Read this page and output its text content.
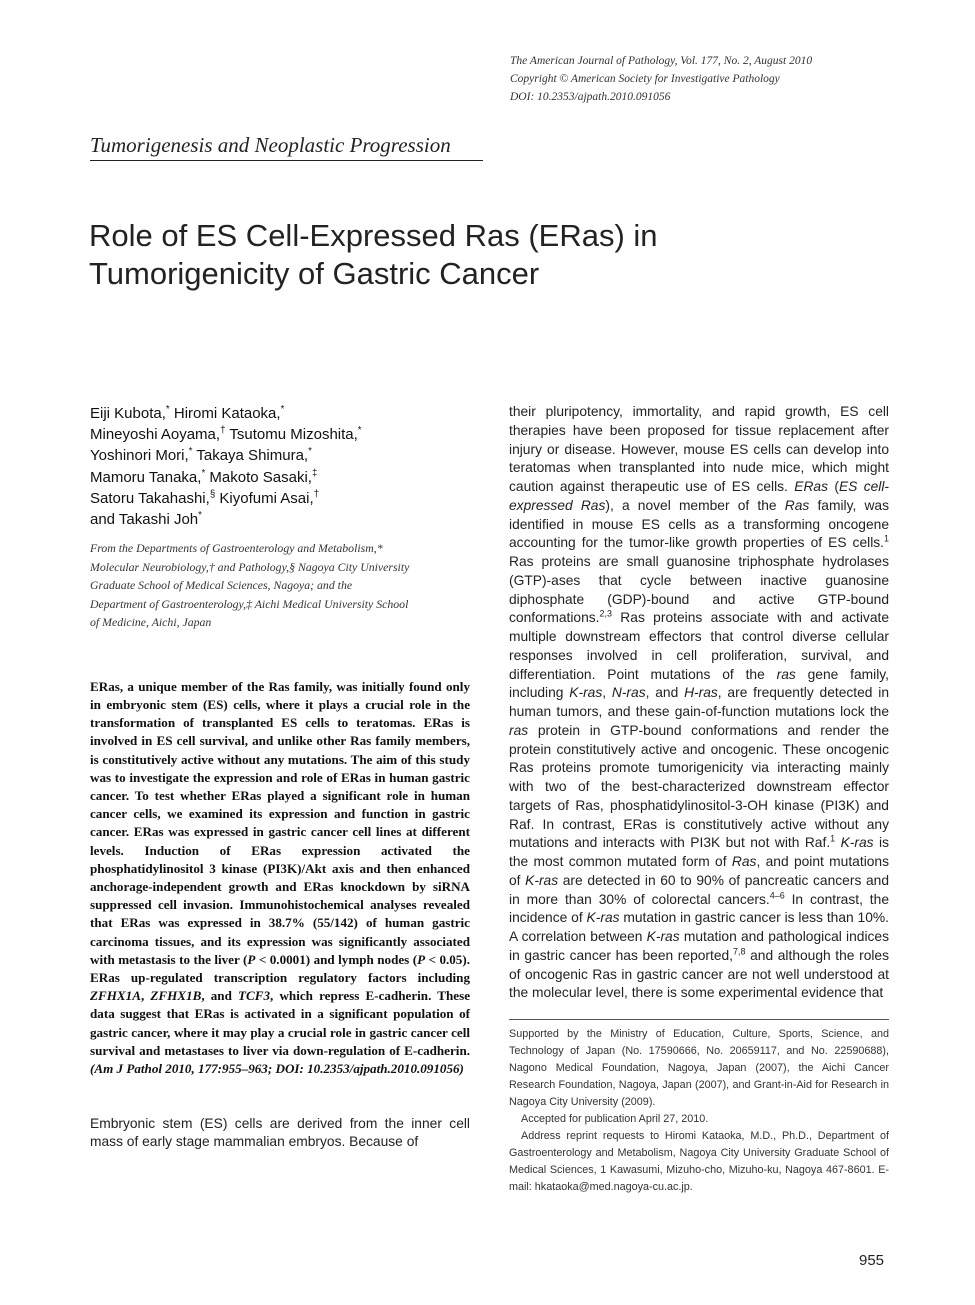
The American Journal of Pathology, Vol. 177, No. 2, August 2010
Copyright © American Society for Investigative Pathology
DOI: 10.2353/ajpath.2010.091056
Tumorigenesis and Neoplastic Progression
Role of ES Cell-Expressed Ras (ERas) in
Tumorigenicity of Gastric Cancer
Eiji Kubota,* Hiromi Kataoka,*
Mineyoshi Aoyama,† Tsutomu Mizoshita,*
Yoshinori Mori,* Takaya Shimura,*
Mamoru Tanaka,* Makoto Sasaki,‡
Satoru Takahashi,§ Kiyofumi Asai,†
and Takashi Joh*
From the Departments of Gastroenterology and Metabolism,*
Molecular Neurobiology,† and Pathology,§ Nagoya City University
Graduate School of Medical Sciences, Nagoya; and the
Department of Gastroenterology,‡ Aichi Medical University School
of Medicine, Aichi, Japan
ERas, a unique member of the Ras family, was initially found only in embryonic stem (ES) cells, where it plays a crucial role in the transformation of transplanted ES cells to teratomas. ERas is involved in ES cell survival, and unlike other Ras family members, is constitutively active without any mutations. The aim of this study was to investigate the expression and role of ERas in human gastric cancer. To test whether ERas played a significant role in human cancer cells, we examined its expression and function in gastric cancer. ERas was expressed in gastric cancer cell lines at different levels. Induction of ERas expression activated the phosphatidylinositol 3 kinase (PI3K)/Akt axis and then enhanced anchorage-independent growth and ERas knockdown by siRNA suppressed cell invasion. Immunohistochemical analyses revealed that ERas was expressed in 38.7% (55/142) of human gastric carcinoma tissues, and its expression was significantly associated with metastasis to the liver (P < 0.0001) and lymph nodes (P < 0.05). ERas up-regulated transcription regulatory factors including ZFHX1A, ZFHX1B, and TCF3, which repress E-cadherin. These data suggest that ERas is activated in a significant population of gastric cancer, where it may play a crucial role in gastric cancer cell survival and metastases to liver via down-regulation of E-cadherin. (Am J Pathol 2010, 177:955–963; DOI: 10.2353/ajpath.2010.091056)

Embryonic stem (ES) cells are derived from the inner cell mass of early stage mammalian embryos. Because of

their pluripotency, immortality, and rapid growth, ES cell therapies have been proposed for tissue replacement after injury or disease. However, mouse ES cells can develop into teratomas when transplanted into nude mice, which might caution against therapeutic use of ES cells. ERas (ES cell-expressed Ras), a novel member of the Ras family, was identified in mouse ES cells as a transforming oncogene accounting for the tumor-like growth properties of ES cells.$^1$ Ras proteins are small guanosine triphosphate hydrolases (GTP)-ases that cycle between inactive guanosine diphosphate (GDP)-bound and active GTP-bound conformations.$^{2,3}$ Ras proteins associate with and activate multiple downstream effectors that control diverse cellular responses involved in cell proliferation, survival, and differentiation. Point mutations of the ras gene family, including K-ras, N-ras, and H-ras, are frequently detected in human tumors, and these gain-of-function mutations lock the ras protein in GTP-bound conformations and render the protein constitutively active and oncogenic. These oncogenic Ras proteins promote tumorigenicity via interacting mainly with two of the best-characterized downstream effector targets of Ras, phosphatidylinositol-3-OH kinase (PI3K) and Raf. In contrast, ERas is constitutively active without any mutations and interacts with PI3K but not with Raf.$^1$ K-ras is the most common mutated form of Ras, and point mutations of K-ras are detected in 60 to 90% of pancreatic cancers and in more than 30% of colorectal cancers.$^{4-6}$ In contrast, the incidence of K-ras mutation in gastric cancer is less than 10%. A correlation between K-ras mutation and pathological indices in gastric cancer has been reported,$^{7,8}$ and although the roles of oncogenic Ras in gastric cancer are not well understood at the molecular level, there is some experimental evidence that

Supported by the Ministry of Education, Culture, Sports, Science, and Technology of Japan (No. 17590666, No. 20659117, and No. 22590688), Nagono Medical Foundation, Nagoya, Japan (2007), the Aichi Cancer Research Foundation, Nagoya, Japan (2007), and Grant-in-Aid for Research in Nagoya City University (2009).

Accepted for publication April 27, 2010.

Address reprint requests to Hiromi Kataoka, M.D., Ph.D., Department of Gastroenterology and Metabolism, Nagoya City University Graduate School of Medical Sciences, 1 Kawasumi, Mizuho-cho, Mizuho-ku, Nagoya 467-8601. E-mail: hkataoka@med.nagoya-cu.ac.jp.

955
